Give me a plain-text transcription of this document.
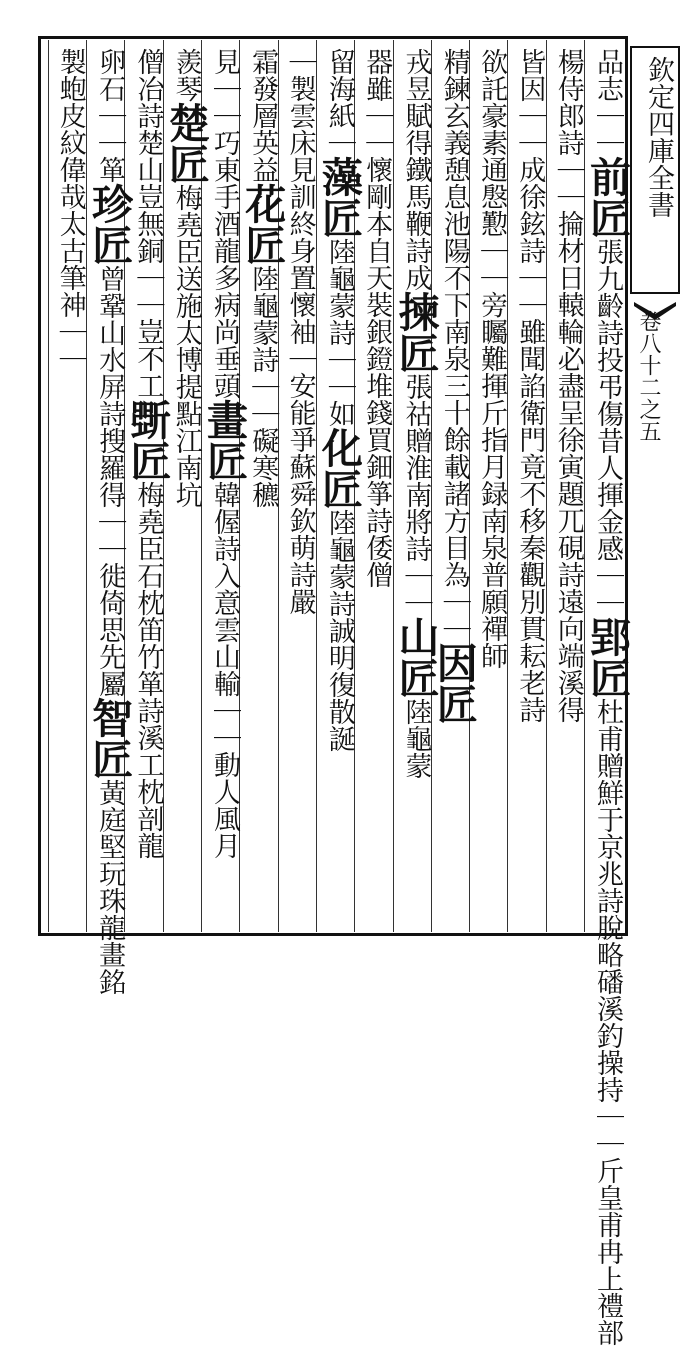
欽定四庫全書
卷八十二之五
品志｜｜前匠張九齡詩投弔傷昔人揮金感｜｜郢匠杜甫贈鮮于京兆詩脫略磻溪釣操持｜｜斤皇甫冉上禮部
楊侍郎詩｜｜掄材日轅輪必盡呈徐寅題兀硯詩遠向端溪得
皆因｜｜成徐鉉詩｜｜雖聞諂衛門竟不移秦觀別貫耘老詩
欲託豪素通慇懃｜｜旁矚難揮斤指月録南泉普願禪師
精鍊玄義憩息池陽不下南泉三十餘載諸方目為｜｜因匠
戎昱賦得鐵馬鞭詩成揀匠張祜贈淮南將詩｜｜山匠陸龜蒙
器雖｜｜懷剛本自天裝銀鐙堆錢買鈿箏詩倭僧
留海紙｜藻匠陸龜蒙詩｜｜如化匠陸龜蒙詩誠明復散誕
｜製雲床見訓終身置懷袖｜安能爭蘇舜欽萌詩嚴
霜發層英益花匠陸龜蒙詩｜｜礙寒穮
見｜｜巧東手酒龍多病尚垂頭畫匠韓偓詩入意雲山輸｜｜動人風月
羨琴楚匠梅堯臣送施太博提點江南坑
僧冶詩楚山豈無銅｜｜豈不工斲匠梅堯臣石枕笛竹箪詩溪工枕剖龍
卵石｜｜箪珍匠曾鞏山水屏詩搜羅得｜｜徙倚思先屬智匠黃庭堅玩珠龍畫銘
製蚫皮紋偉哉太古筆神｜｜
